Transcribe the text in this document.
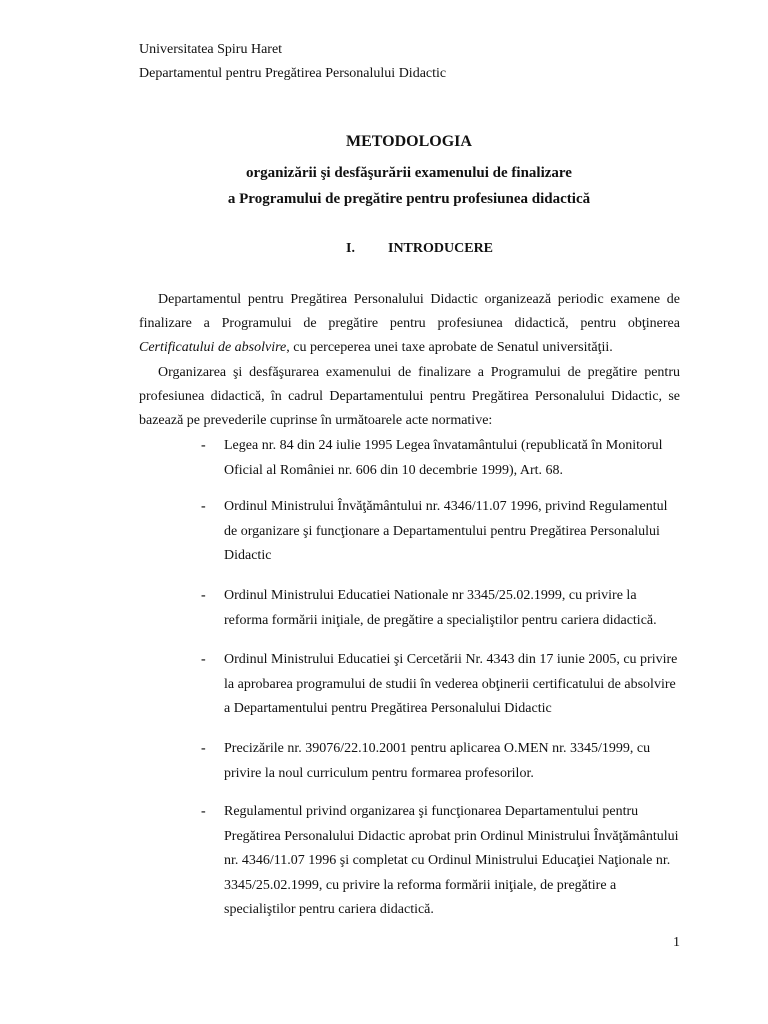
Universitatea Spiru Haret
Departamentul pentru Pregătirea Personalului Didactic
METODOLOGIA
organizării şi desfăşurării examenului de finalizare
a Programului de pregătire pentru profesiunea didactică
I. INTRODUCERE
Departamentul pentru Pregătirea Personalului Didactic organizează periodic examene de
finalizare a Programului de pregătire pentru profesiunea didactică, pentru obţinerea
Certificatului de absolvire, cu perceperea unei taxe aprobate de Senatul universităţii.
Organizarea şi desfăşurarea examenului de finalizare a Programului de pregătire pentru
profesiunea didactică, în cadrul Departamentului pentru Pregătirea Personalului Didactic, se
bazează pe prevederile cuprinse în următoarele acte normative:
- Legea nr. 84 din 24 iulie 1995 Legea învatamântului (republicată în Monitorul Oficial al României nr. 606 din 10 decembrie 1999), Art. 68.

- Ordinul Ministrului Învăţământului nr. 4346/11.07 1996, privind Regulamentul de organizare şi funcţionare a Departamentului pentru Pregătirea Personalului Didactic

- Ordinul Ministrului Educatiei Nationale nr 3345/25.02.1999, cu privire la reforma formării iniţiale, de pregătire a specialiştilor pentru cariera didactică.

- Ordinul Ministrului Educatiei şi Cercetării Nr. 4343 din 17 iunie 2005, cu privire la aprobarea programului de studii în vederea obţinerii certificatului de absolvire a Departamentului pentru Pregătirea Personalului Didactic

- Precizările nr. 39076/22.10.2001 pentru aplicarea O.MEN nr. 3345/1999, cu privire la noul curriculum pentru formarea profesorilor.

- Regulamentul privind organizarea şi funcţionarea Departamentului pentru Pregătirea Personalului Didactic aprobat prin Ordinul Ministrului Învăţământului nr. 4346/11.07 1996 şi completat cu Ordinul Ministrului Educaţiei Naţionale nr. 3345/25.02.1999, cu privire la reforma formării iniţiale, de pregătire a specialiştilor pentru cariera didactică.

1
